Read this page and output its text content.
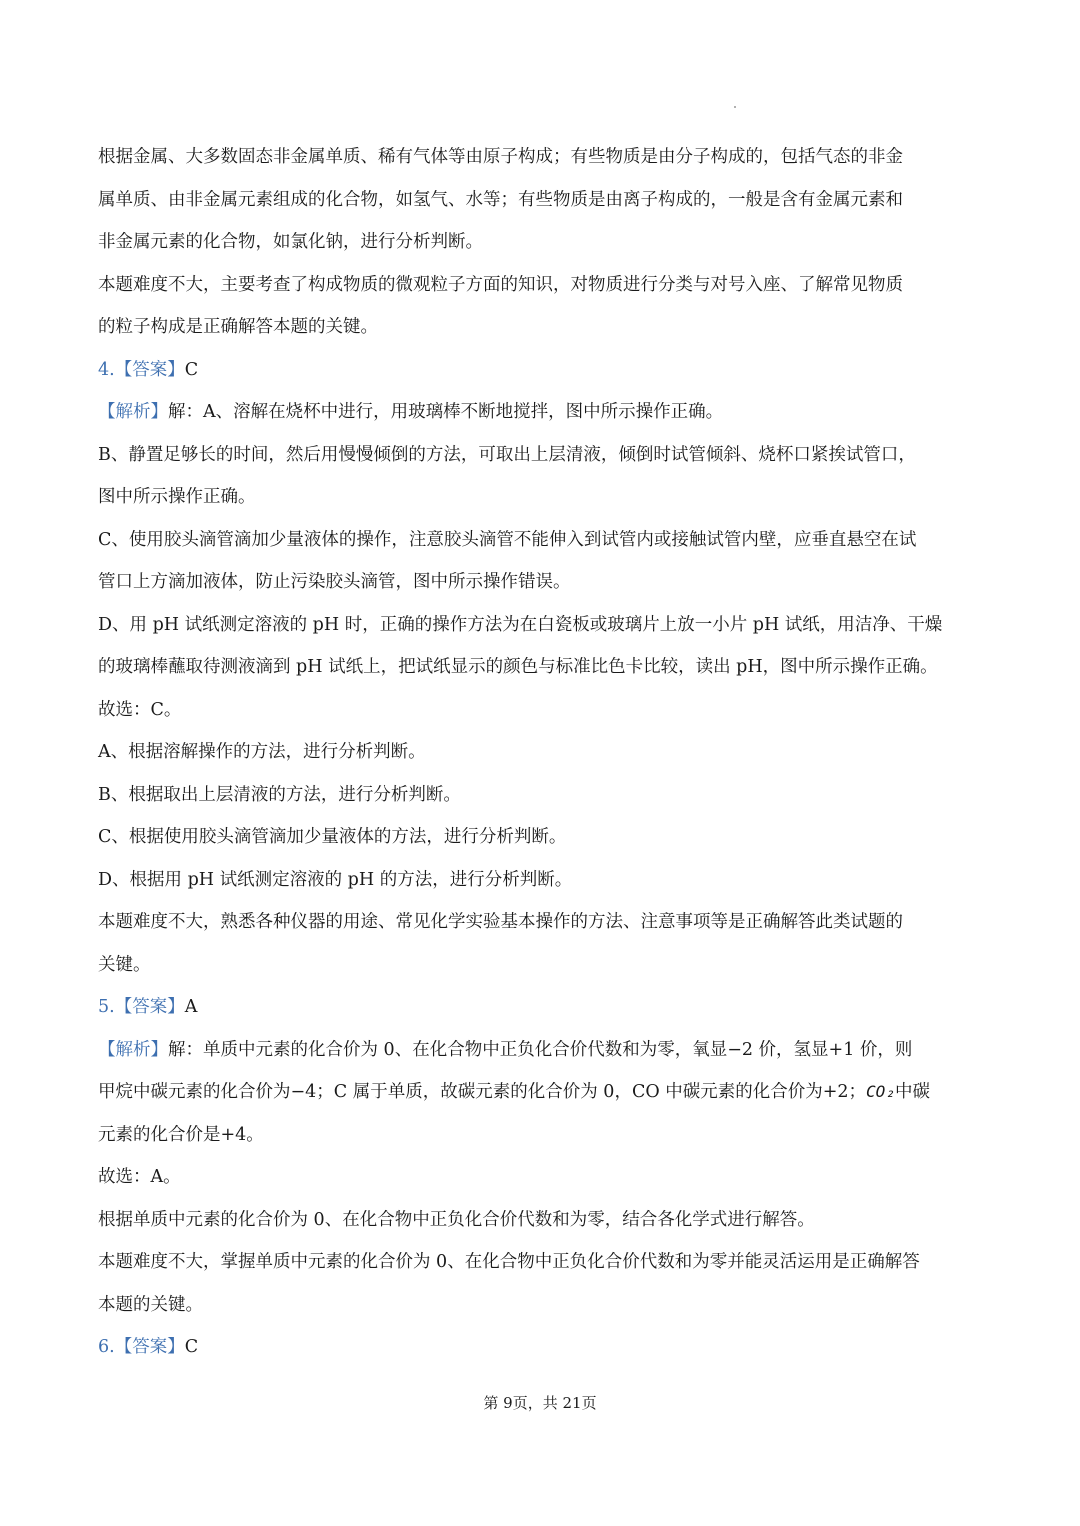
根据金属、大多数固态非金属单质、稀有气体等由原子构成；有些物质是由分子构成的，包括气态的非金

属单质、由非金属元素组成的化合物，如氢气、水等；有些物质是由离子构成的，一般是含有金属元素和

非金属元素的化合物，如氯化钠，进行分析判断。

本题难度不大，主要考查了构成物质的微观粒子方面的知识，对物质进行分类与对号入座、了解常见物质

的粒子构成是正确解答本题的关键。

4.【答案】C

【解析】解：A、溶解在烧杯中进行，用玻璃棒不断地搅拌，图中所示操作正确。

B、静置足够长的时间，然后用慢慢倾倒的方法，可取出上层清液，倾倒时试管倾斜、烧杯口紧挨试管口，

图中所示操作正确。

C、使用胶头滴管滴加少量液体的操作，注意胶头滴管不能伸入到试管内或接触试管内壁，应垂直悬空在试

管口上方滴加液体，防止污染胶头滴管，图中所示操作错误。

D、用 pH 试纸测定溶液的 pH 时，正确的操作方法为在白瓷板或玻璃片上放一小片 pH 试纸，用洁净、干燥

的玻璃棒蘸取待测液滴到 pH 试纸上，把试纸显示的颜色与标准比色卡比较，读出 pH，图中所示操作正确。

故选：C。

A、根据溶解操作的方法，进行分析判断。

B、根据取出上层清液的方法，进行分析判断。

C、根据使用胶头滴管滴加少量液体的方法，进行分析判断。

D、根据用 pH 试纸测定溶液的 pH 的方法，进行分析判断。

本题难度不大，熟悉各种仪器的用途、常见化学实验基本操作的方法、注意事项等是正确解答此类试题的

关键。

5.【答案】A

【解析】解：单质中元素的化合价为 0、在化合物中正负化合价代数和为零，氧显−2 价，氢显+1 价，则

甲烷中碳元素的化合价为−4；C 属于单质，故碳元素的化合价为 0，CO 中碳元素的化合价为+2；CO₂中碳

元素的化合价是+4。

故选：A。

根据单质中元素的化合价为 0、在化合物中正负化合价代数和为零，结合各化学式进行解答。

本题难度不大，掌握单质中元素的化合价为 0、在化合物中正负化合价代数和为零并能灵活运用是正确解答

本题的关键。

6.【答案】C

第 9页，共 21页
